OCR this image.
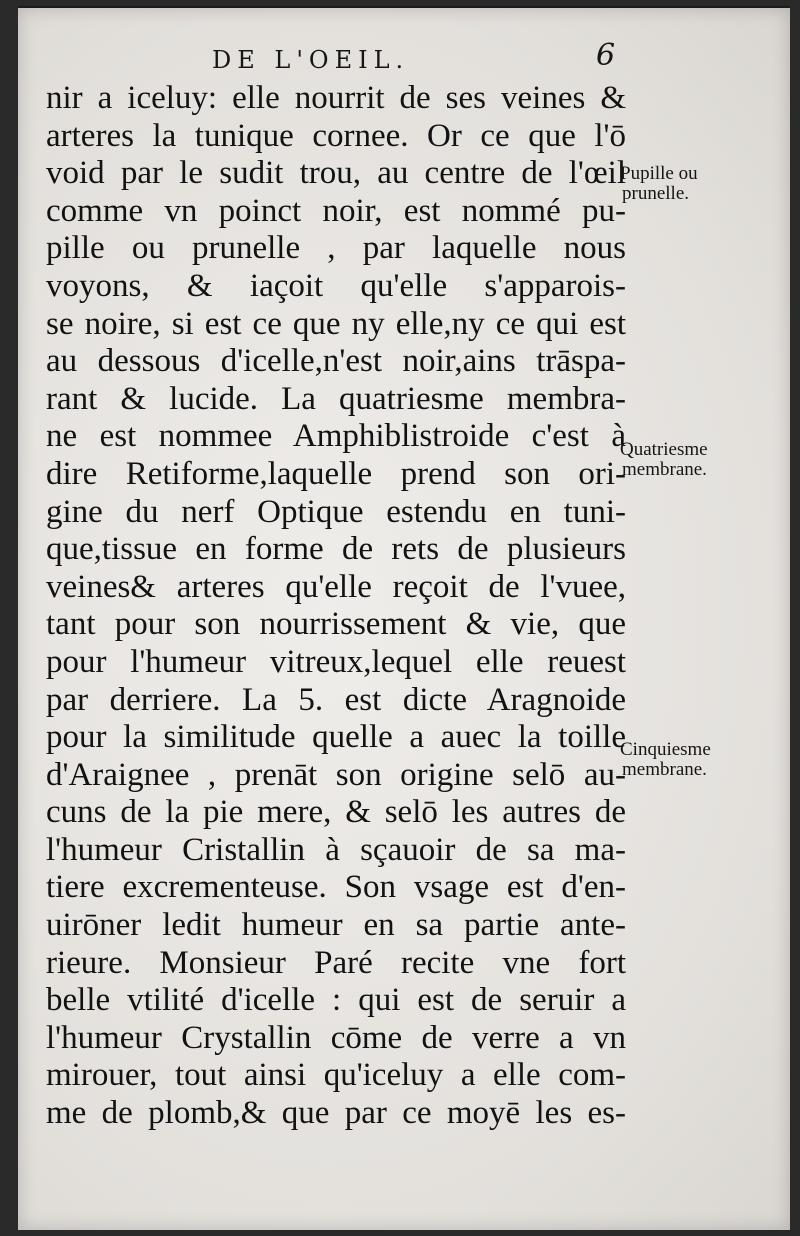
DE L'OEIL.	6
nir a iceluy: elle nourrit de ses veines &
arteres la tunique cornee. Or ce que l'ō
void par le sudit trou, au centre de l'œil
comme vn poinct noir, est nommé pu-
pille ou prunelle , par laquelle nous
voyons, & iaçoit qu'elle s'apparois-
se noire, si est ce que ny elle,ny ce qui est
au dessous d'icelle,n'est noir,ains trāspa-
rant & lucide. La quatriesme membra-
ne est nommee Amphiblistroide c'est à
dire Retiforme,laquelle prend son ori-
gine du nerf Optique estendu en tuni-
que,tissue en forme de rets de plusieurs
veines& arteres qu'elle reçoit de l'vuee,
tant pour son nourrissement & vie, que
pour l'humeur vitreux,lequel elle reuest
par derriere. La 5. est dicte Aragnoide
pour la similitude quelle a auec la toille
d'Araignee , prenāt son origine selō au-
cuns de la pie mere, & selō les autres de
l'humeur Cristallin à sçauoir de sa ma-
tiere excrementeuse. Son vsage est d'en-
uirōner ledit humeur en sa partie ante-
rieure. Monsieur Paré recite vne fort
belle vtilité d'icelle : qui est de seruir a
l'humeur Crystallin cōme de verre a vn
mirouer, tout ainsi qu'iceluy a elle com-
me de plomb,& que par ce moyē les es-
Pupille ou
prunelle.
Quatriesme
membrane.
Cinquiesme
membrane.
